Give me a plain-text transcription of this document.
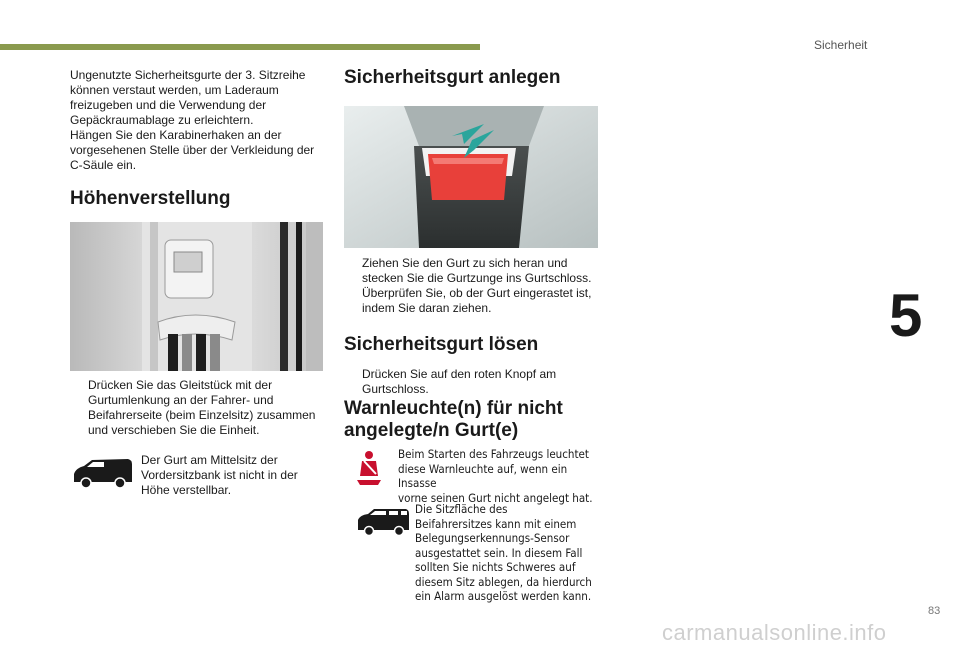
Sicherheit
5
Ungenutzte Sicherheitsgurte der 3. Sitzreihe
können verstaut werden, um Laderaum
freizugeben und die Verwendung der
Gepäckraumablage zu erleichtern.
Hängen Sie den Karabinerhaken an der
vorgesehenen Stelle über der Verkleidung der
C-Säule ein.
Höhenverstellung
Drücken Sie das Gleitstück mit der
Gurtumlenkung an der Fahrer- und
Beifahrerseite (beim Einzelsitz) zusammen
und verschieben Sie die Einheit.
Der Gurt am Mittelsitz der
Vordersitzbank ist nicht in der
Höhe verstellbar.
Sicherheitsgurt anlegen
Ziehen Sie den Gurt zu sich heran und
stecken Sie die Gurtzunge ins Gurtschloss.
Überprüfen Sie, ob der Gurt eingerastet ist,
indem Sie daran ziehen.
Sicherheitsgurt lösen
Drücken Sie auf den roten Knopf am
Gurtschloss.
Warnleuchte(n) für nicht
angelegte/n Gurt(e)
Beim Starten des Fahrzeugs leuchtet
diese Warnleuchte auf, wenn ein Insasse
vorne seinen Gurt nicht angelegt hat.
Die Sitzfläche des
Beifahrersitzes kann mit einem
Belegungserkennungs-Sensor
ausgestattet sein. In diesem Fall
sollten Sie nichts Schweres auf
diesem Sitz ablegen, da hierdurch
ein Alarm ausgelöst werden kann.
83
carmanualsonline.info
